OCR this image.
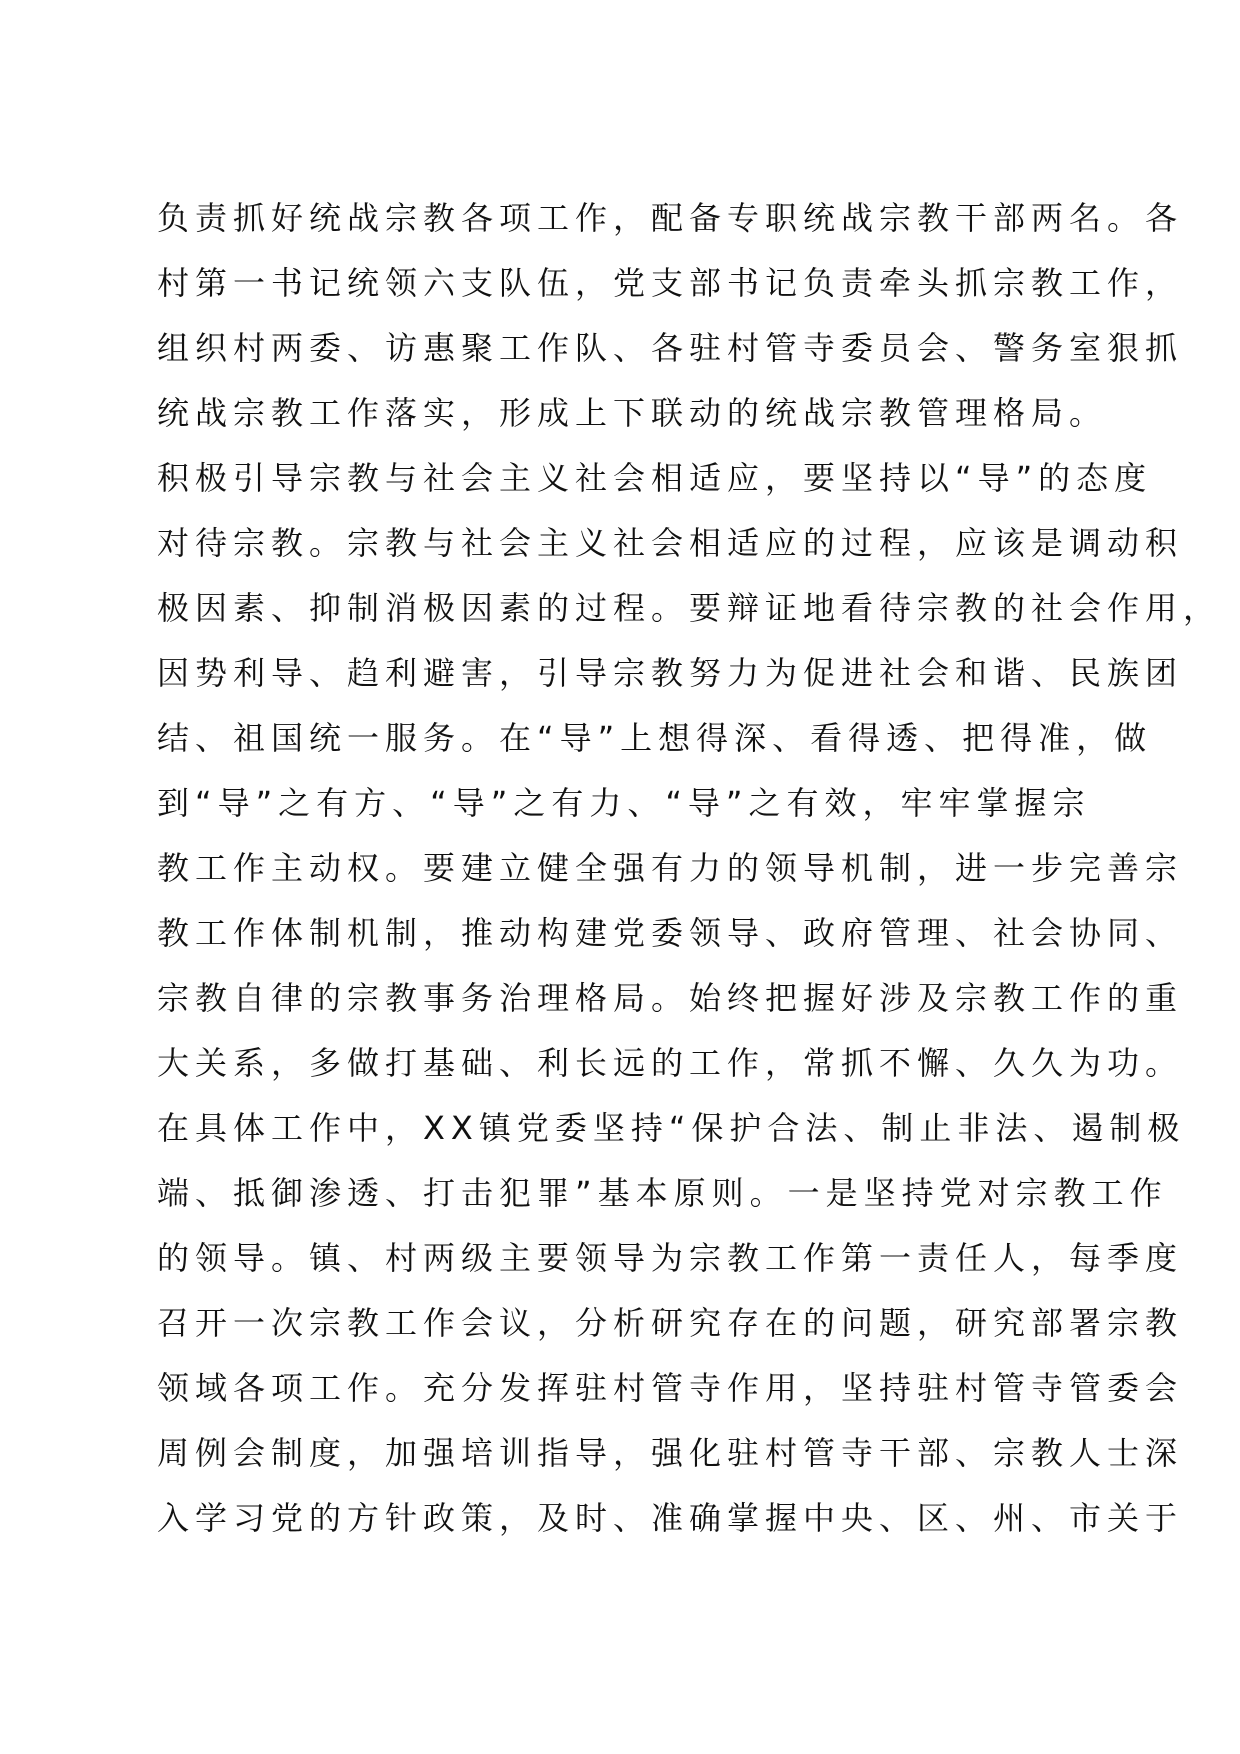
负责抓好统战宗教各项工作，配备专职统战宗教干部两名。各
村第一书记统领六支队伍，党支部书记负责牵头抓宗教工作，
组织村两委、访惠聚工作队、各驻村管寺委员会、警务室狠抓
统战宗教工作落实，形成上下联动的统战宗教管理格局。
积极引导宗教与社会主义社会相适应，要坚持以“导”的态度
对待宗教。宗教与社会主义社会相适应的过程，应该是调动积
极因素、抑制消极因素的过程。要辩证地看待宗教的社会作用，
因势利导、趋利避害，引导宗教努力为促进社会和谐、民族团
结、祖国统一服务。在“导”上想得深、看得透、把得准，做
到“导”之有方、“导”之有力、“导”之有效，牢牢掌握宗
教工作主动权。要建立健全强有力的领导机制，进一步完善宗
教工作体制机制，推动构建党委领导、政府管理、社会协同、
宗教自律的宗教事务治理格局。始终把握好涉及宗教工作的重
大关系，多做打基础、利长远的工作，常抓不懈、久久为功。
在具体工作中，XX镇党委坚持“保护合法、制止非法、遏制极
端、抵御渗透、打击犯罪”基本原则。一是坚持党对宗教工作
的领导。镇、村两级主要领导为宗教工作第一责任人，每季度
召开一次宗教工作会议，分析研究存在的问题，研究部署宗教
领域各项工作。充分发挥驻村管寺作用，坚持驻村管寺管委会
周例会制度，加强培训指导，强化驻村管寺干部、宗教人士深
入学习党的方针政策，及时、准确掌握中央、区、州、市关于
